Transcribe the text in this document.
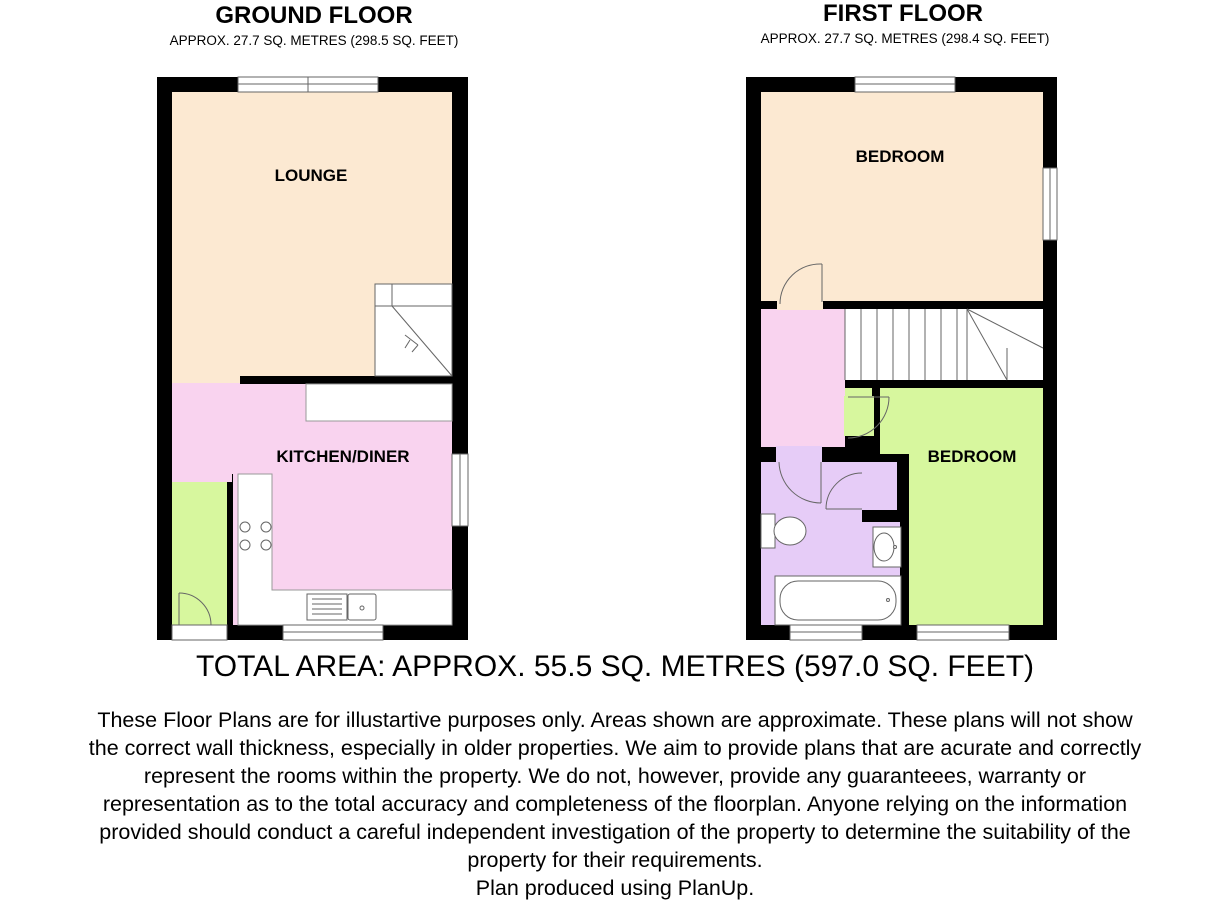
GROUND FLOOR
APPROX. 27.7 SQ. METRES (298.5 SQ. FEET)
FIRST FLOOR
APPROX. 27.7 SQ. METRES (298.4 SQ. FEET)
LOUNGE
KITCHEN/DINER
BEDROOM
BEDROOM
TOTAL AREA: APPROX. 55.5 SQ. METRES (597.0 SQ. FEET)
These Floor Plans are for illustartive purposes only. Areas shown are approximate. These plans will not show
the correct wall thickness, especially in older properties. We aim to provide plans that are acurate and correctly
represent the rooms within the property. We do not, however, provide any guaranteees, warranty or
representation as to the total accuracy and completeness of the floorplan. Anyone relying on the information
provided should conduct a careful independent investigation of the property to determine the suitability of the
property for their requirements.
Plan produced using PlanUp.
